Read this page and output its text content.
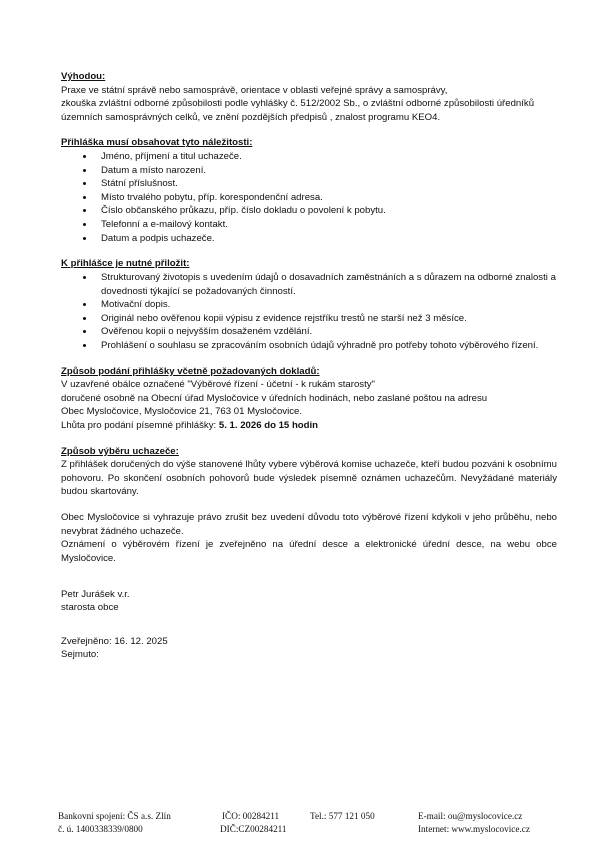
Výhodou:

Praxe ve státní správě nebo samosprávě, orientace v oblasti veřejné správy a samosprávy,

zkouška zvláštní odborné způsobilosti podle vyhlášky č. 512/2002 Sb., o zvláštní odborné způsobilosti úředníků územních samosprávných celků, ve znění pozdějších předpisů , znalost programu KEO4.

Přihláška musí obsahovat tyto náležitosti:

• Jméno, příjmení a titul uchazeče.
• Datum a místo narození.
• Státní příslušnost.
• Místo trvalého pobytu, příp. korespondenční adresa.
• Číslo občanského průkazu, příp. číslo dokladu o povolení k pobytu.
• Telefonní a e-mailový kontakt.
• Datum a podpis uchazeče.

K přihlášce je nutné přiložit:

• Strukturovaný životopis s uvedením údajů o dosavadních zaměstnáních a s důrazem na odborné znalosti a dovednosti týkající se požadovaných činností.
• Motivační dopis.
• Originál nebo ověřenou kopii výpisu z evidence rejstříku trestů ne starší než 3 měsíce.
• Ověřenou kopii o nejvyšším dosaženém vzdělání.
• Prohlášení o souhlasu se zpracováním osobních údajů výhradně pro potřeby tohoto výběrového řízení.

Způsob podání přihlášky včetně požadovaných dokladů:

V uzavřené obálce označené "Výběrové řízení - účetní - k rukám starosty"

doručené osobně na Obecní úřad Mysločovice v úředních hodinách, nebo zaslané poštou na adresu

Obec Mysločovice, Mysločovice 21, 763 01 Mysločovice.

Lhůta pro podání písemné přihlášky: 5. 1. 2026 do 15 hodin

Způsob výběru uchazeče:

Z přihlášek doručených do výše stanovené lhůty vybere výběrová komise uchazeče, kteří budou pozváni k osobnímu pohovoru. Po skončení osobních pohovorů bude výsledek písemně oznámen uchazečům. Nevyžádané materiály budou skartovány.

Obec Mysločovice si vyhrazuje právo zrušit bez uvedení důvodu toto výběrové řízení kdykoli v jeho průběhu, nebo nevybrat žádného uchazeče.

Oznámení o výběrovém řízení je zveřejněno na úřední desce a elektronické úřední desce, na webu obce Mysločovice.

Petr Jurášek v.r.

starosta obce

Zveřejněno: 16. 12. 2025

Sejmuto:

Bankovní spojení: ČS a.s. Zlín	IČO: 00284211	Tel.: 577 121 050	E-mail: ou@myslocovice.cz
č. ú. 1400338339/0800	DIČ:CZ00284211	Internet: www.myslocovice.cz
